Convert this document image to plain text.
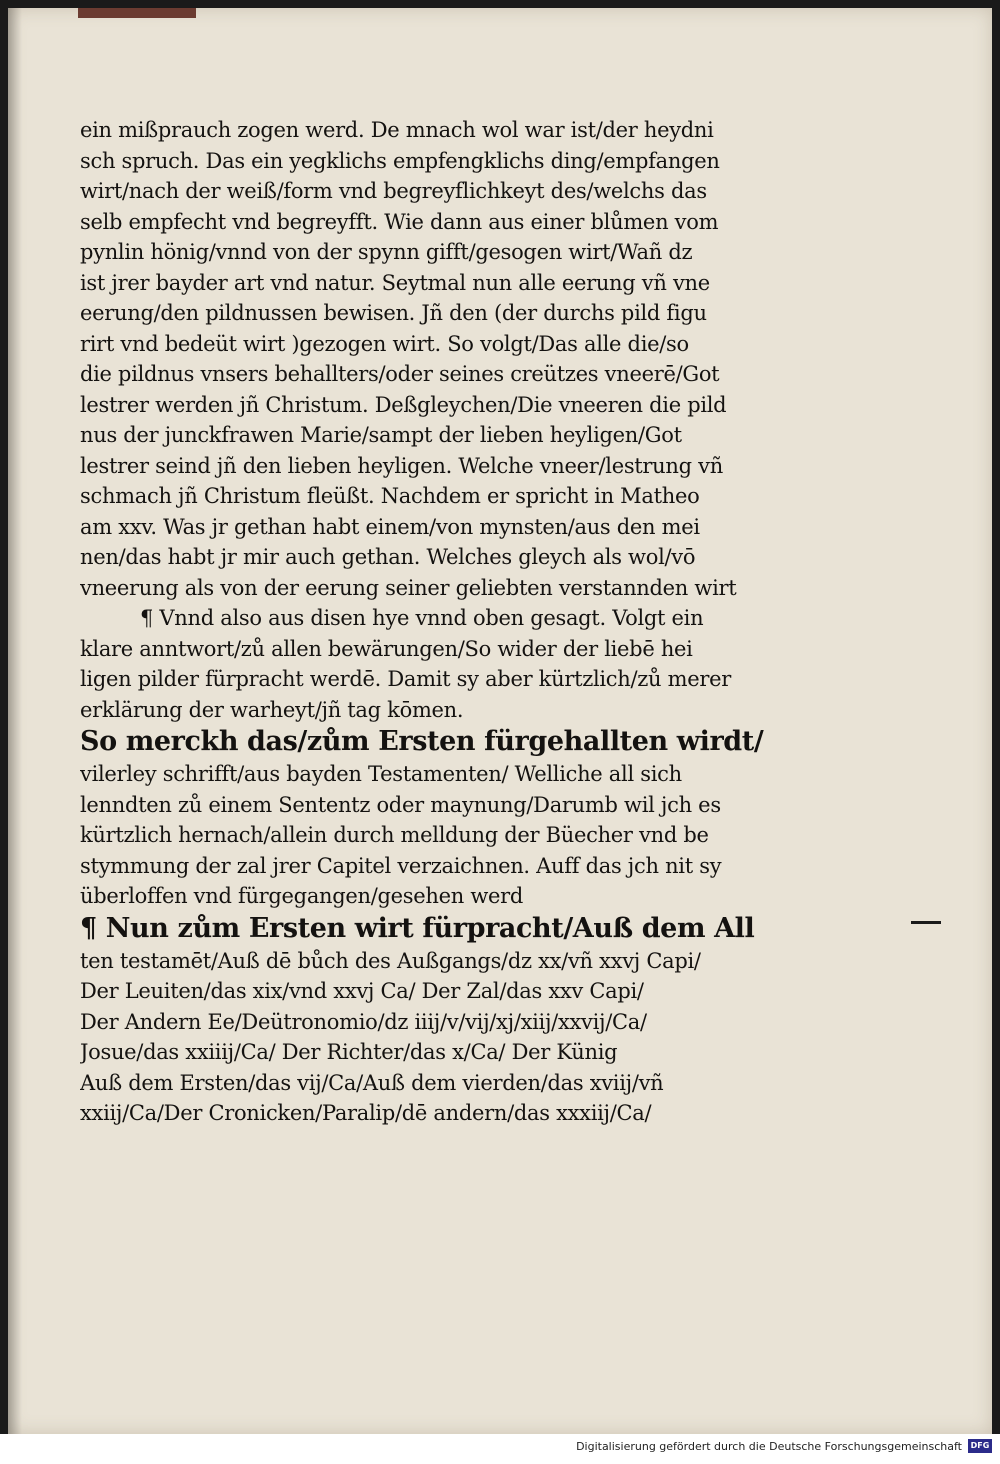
ein mißprauch zogen werd. De mnach wol war ist/der heydni
sch spruch. Das ein yegklichs empfengklichs ding/empfangen
wirt/nach der weiß/form vnd begreyflichkeyt des/welchs das
selb empfecht vnd begreyfft. Wie dann aus einer blůmen vom
pynlin hönig/vnnd von der spynn gifft/gesogen wirt/Wañ dz
ist jrer bayder art vnd natur. Seytmal nun alle eerung vñ vne
eerung/den pildnussen bewisen. Jñ den (der durchs pild figu
rirt vnd bedeüt wirt )gezogen wirt. So volgt/Das alle die/so
die pildnus vnsers behallters/oder seines creützes vneerē/Got
lestrer werden jñ Christum. Deßgleychen/Die vneeren die pild
nus der junckfrawen Marie/sampt der lieben heyligen/Got
lestrer seind jñ den lieben heyligen. Welche vneer/lestrung vñ
schmach jñ Christum fleüßt. Nachdem er spricht in Matheo
am xxv. Was jr gethan habt einem/von mynsten/aus den mei
nen/das habt jr mir auch gethan. Welches gleych als wol/vō
vneerung als von der eerung seiner geliebten verstannden wirt
¶ Vnnd also aus disen hye vnnd oben gesagt. Volgt ein
klare anntwort/zů allen bewärungen/So wider der liebē hei
ligen pilder fürpracht werdē. Damit sy aber kürtzlich/zů merer
erklärung der warheyt/jñ tag kōmen.
So merckh das/zům Ersten fürgehallten wirdt/
vilerley schrifft/aus bayden Testamenten/ Welliche all sich
lenndten zů einem Sententz oder maynung/Darumb wil jch es
kürtzlich hernach/allein durch melldung der Büecher vnd be
stymmung der zal jrer Capitel verzaichnen. Auff das jch nit sy
überloffen vnd fürgegangen/gesehen werd
¶ Nun zům Ersten wirt fürpracht/Auß dem All
ten testamēt/Auß dē bůch des Außgangs/dz xx/vñ xxvj Capi/
Der Leuiten/das xix/vnd xxvj Ca/ Der Zal/das xxv Capi/
Der Andern Ee/Deütronomio/dz iiij/v/vij/xj/xiij/xxvij/Ca/
Josue/das xxiiij/Ca/ Der Richter/das x/Ca/ Der Künig
Auß dem Ersten/das vij/Ca/Auß dem vierden/das xviij/vñ
xxiij/Ca/Der Cronicken/Paralip/dē andern/das xxxiij/Ca/
Digitalisierung gefördert durch die Deutsche Forschungsgemeinschaft	DFG
